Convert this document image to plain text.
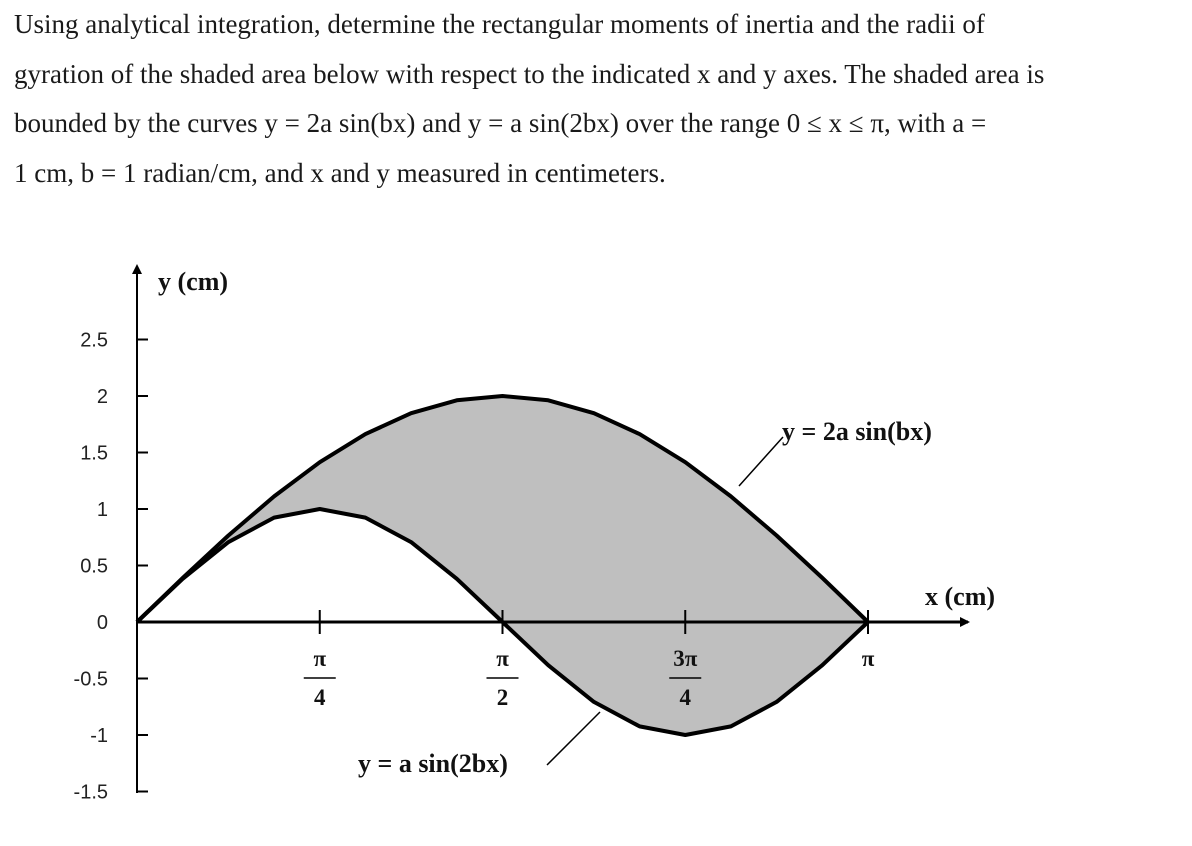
Using analytical integration, determine the rectangular moments of inertia and the radii of

gyration of the shaded area below with respect to the indicated x and y axes. The shaded area is

bounded by the curves y = 2a sin(bx) and y = a sin(2bx) over the range 0 ≤ x ≤ π, with a =

1 cm, b = 1 radian/cm, and x and y measured in centimeters.

2.5
2
1.5
1
0.5
0
-0.5
-1
-1.5
π
4
π
2
3π
4
π
y (cm)
x (cm)
y = 2a sin(bx)
y = a sin(2bx)
